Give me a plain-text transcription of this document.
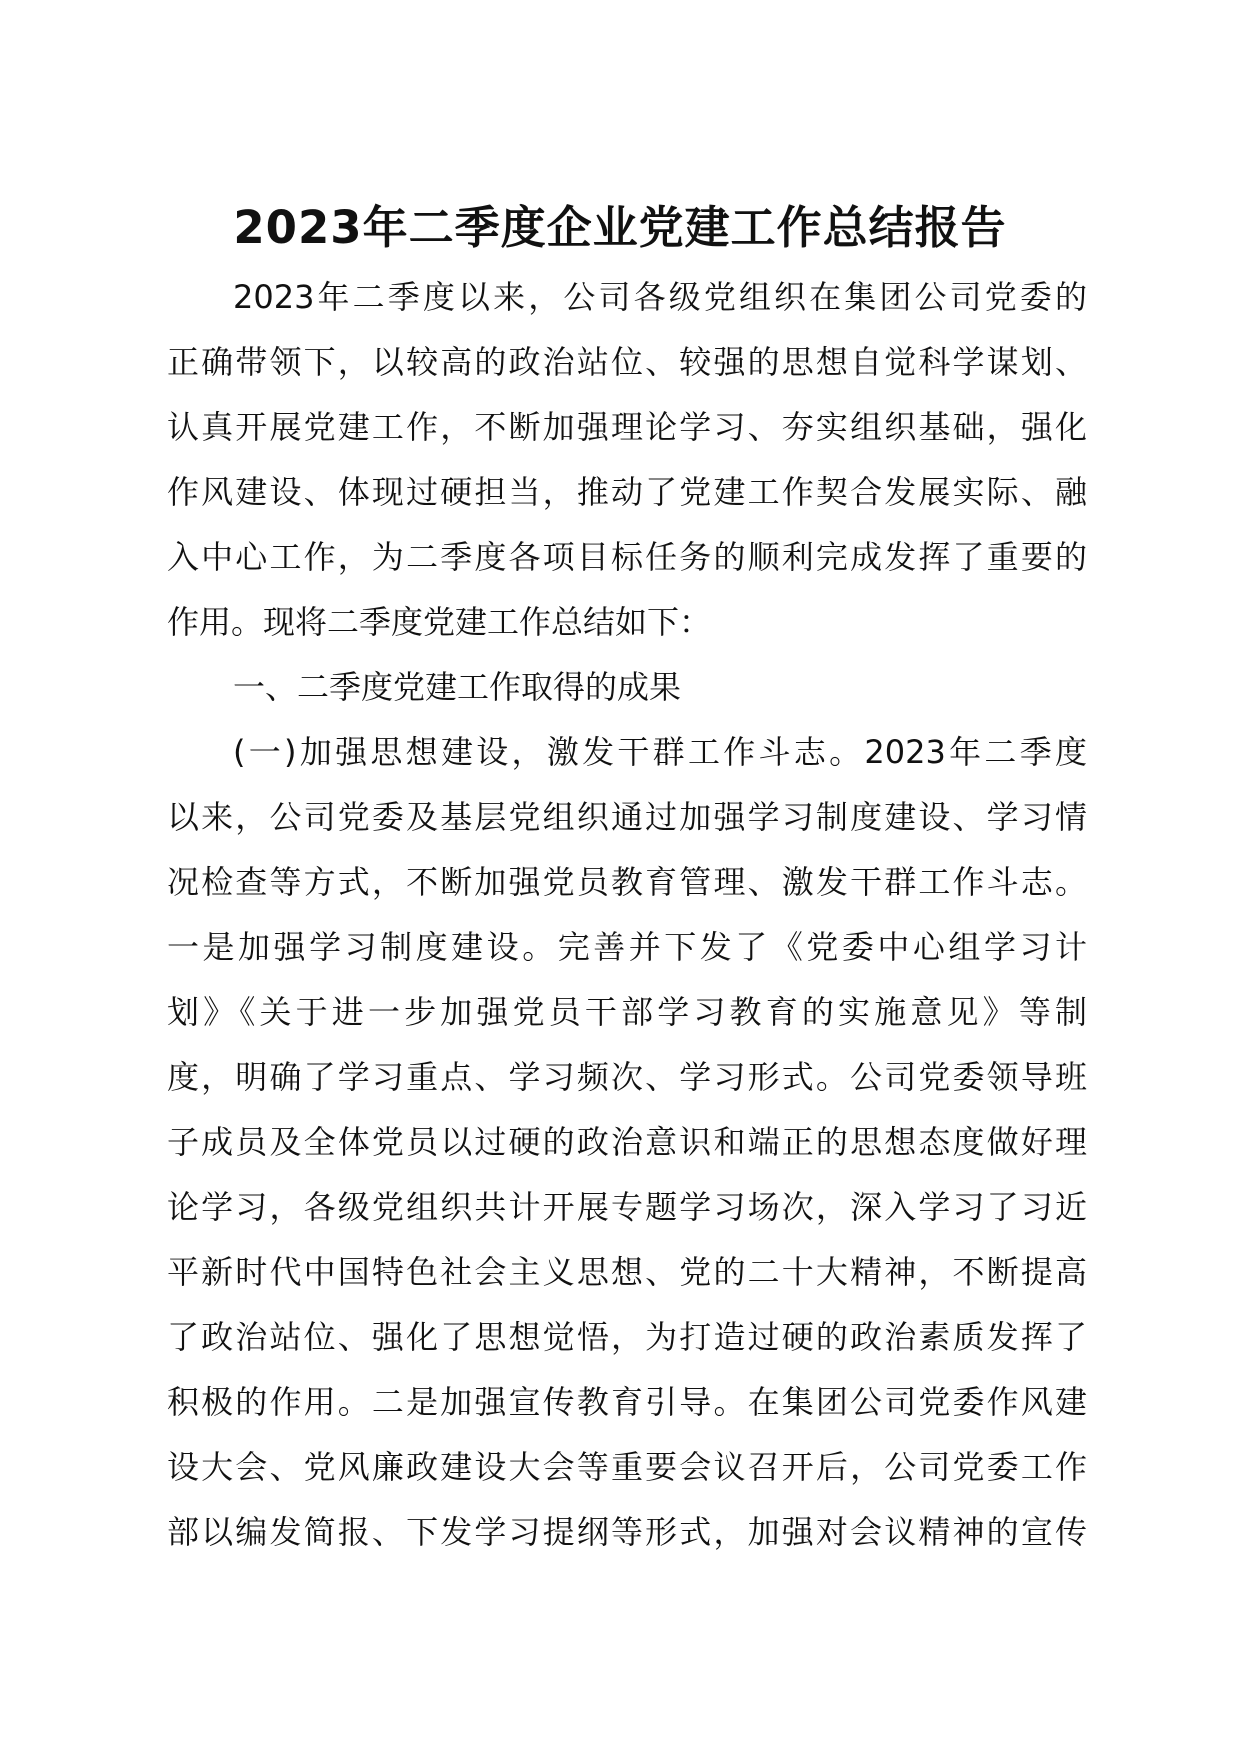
2023年二季度企业党建工作总结报告
2023年二季度以来，公司各级党组织在集团公司党委的
正确带领下，以较高的政治站位、较强的思想自觉科学谋划、
认真开展党建工作，不断加强理论学习、夯实组织基础，强化
作风建设、体现过硬担当，推动了党建工作契合发展实际、融
入中心工作，为二季度各项目标任务的顺利完成发挥了重要的
作用。现将二季度党建工作总结如下：
一、二季度党建工作取得的成果
(一)加强思想建设，激发干群工作斗志。2023年二季度
以来，公司党委及基层党组织通过加强学习制度建设、学习情
况检查等方式，不断加强党员教育管理、激发干群工作斗志。
一是加强学习制度建设。完善并下发了《党委中心组学习计
划》《关于进一步加强党员干部学习教育的实施意见》等制
度，明确了学习重点、学习频次、学习形式。公司党委领导班
子成员及全体党员以过硬的政治意识和端正的思想态度做好理
论学习，各级党组织共计开展专题学习场次，深入学习了习近
平新时代中国特色社会主义思想、党的二十大精神，不断提高
了政治站位、强化了思想觉悟，为打造过硬的政治素质发挥了
积极的作用。二是加强宣传教育引导。在集团公司党委作风建
设大会、党风廉政建设大会等重要会议召开后，公司党委工作
部以编发简报、下发学习提纲等形式，加强对会议精神的宣传
